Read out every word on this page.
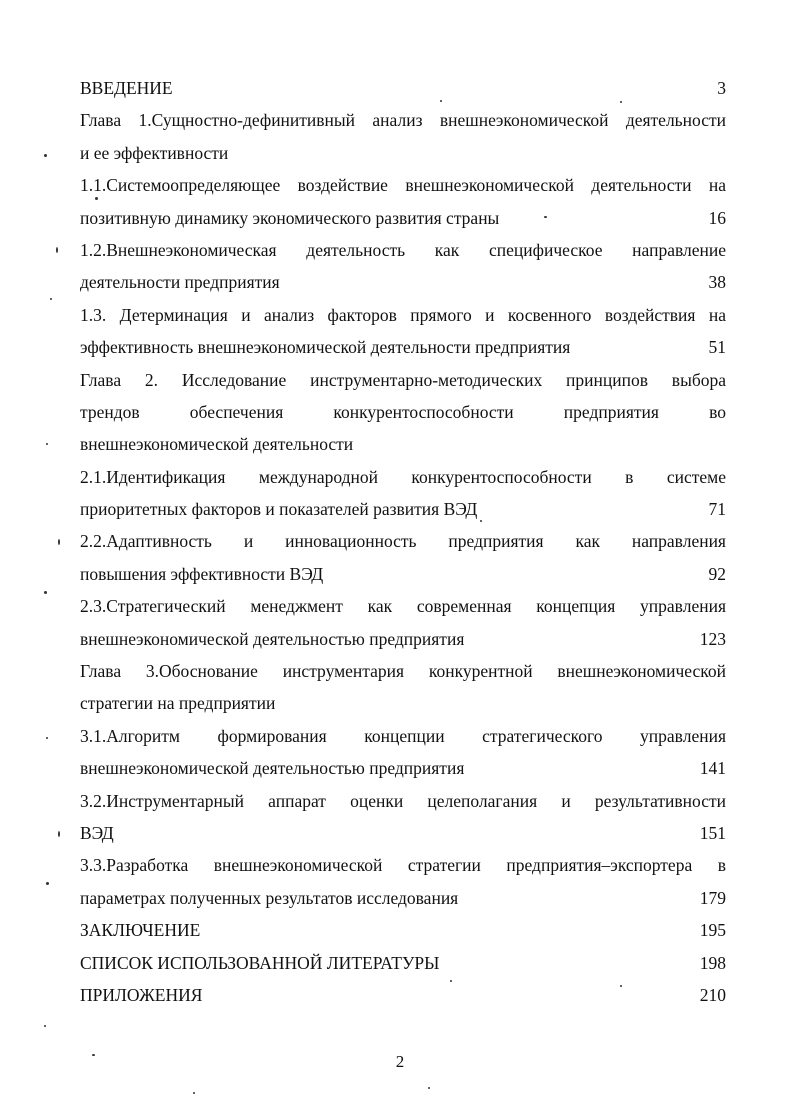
ВВЕДЕНИЕ	3
Глава 1.Сущностно-дефинитивный анализ внешнеэкономической деятельности
и ее эффективности
1.1.Системоопределяющее воздействие внешнеэкономической деятельности на
позитивную динамику экономического развития страны	16
1.2.Внешнеэкономическая деятельность как специфическое направление
деятельности предприятия	38
1.3. Детерминация и анализ факторов прямого и косвенного воздействия на
эффективность внешнеэкономической деятельности предприятия	51
Глава 2. Исследование инструментарно-методических принципов выбора
трендов обеспечения конкурентоспособности предприятия во
внешнеэкономической деятельности
2.1.Идентификация международной конкурентоспособности в системе
приоритетных факторов и показателей развития ВЭД	71
2.2.Адаптивность и инновационность предприятия как направления
повышения эффективности ВЭД	92
2.3.Стратегический менеджмент как современная концепция управления
внешнеэкономической деятельностью предприятия	123
Глава 3.Обоснование инструментария конкурентной внешнеэкономической
стратегии на предприятии
3.1.Алгоритм формирования концепции стратегического управления
внешнеэкономической деятельностью предприятия	141
3.2.Инструментарный аппарат оценки целеполагания и результативности
ВЭД	151
3.3.Разработка внешнеэкономической стратегии предприятия–экспортера в
параметрах полученных результатов исследования	179
ЗАКЛЮЧЕНИЕ	195
СПИСОК ИСПОЛЬЗОВАННОЙ ЛИТЕРАТУРЫ	198
ПРИЛОЖЕНИЯ	210
2
